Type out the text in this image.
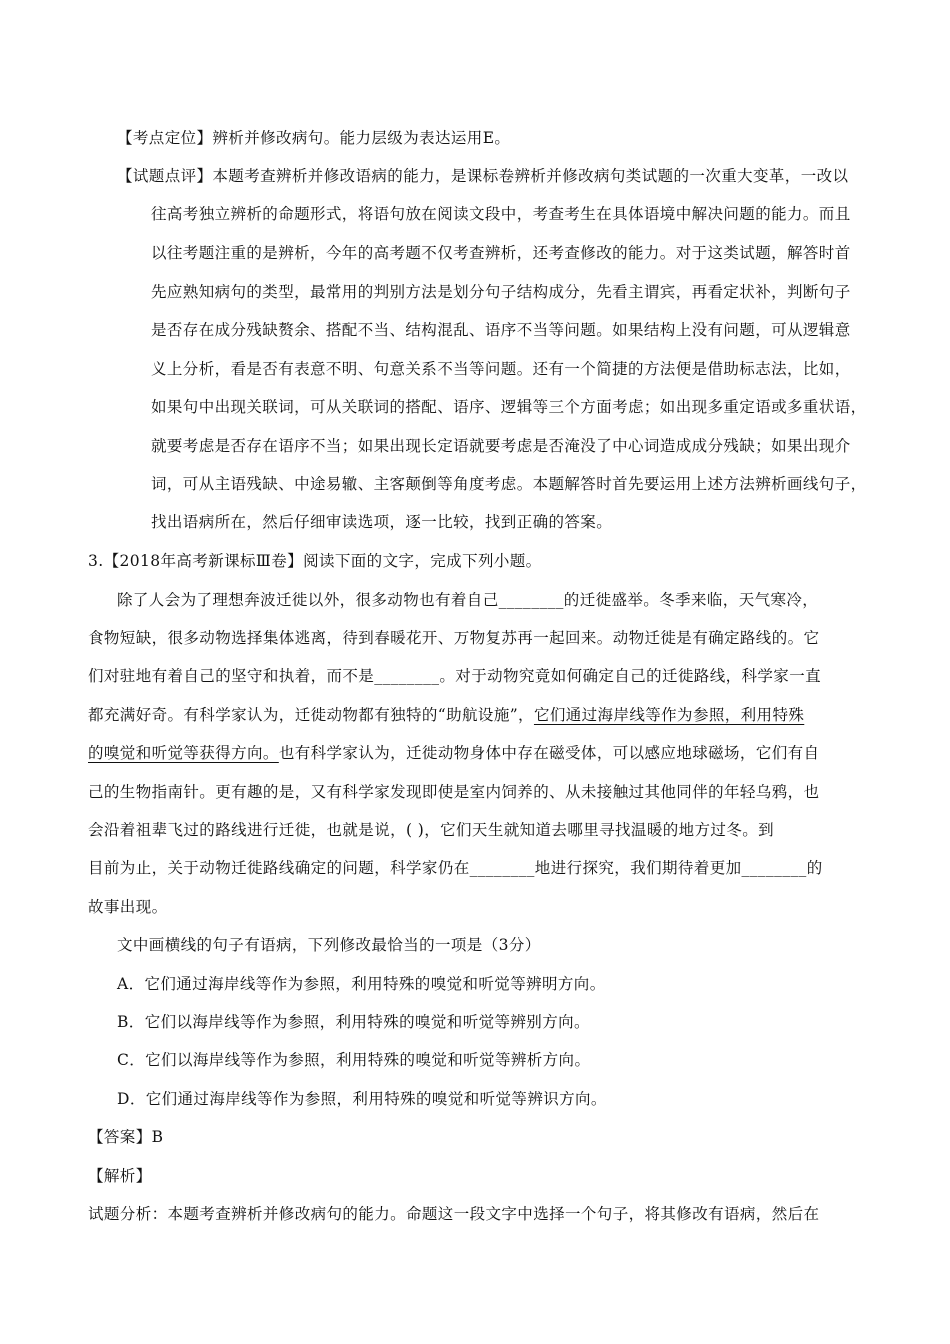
【考点定位】辨析并修改病句。能力层级为表达运用E。
【试题点评】本题考查辨析并修改语病的能力，是课标卷辨析并修改病句类试题的一次重大变革，一改以
往高考独立辨析的命题形式，将语句放在阅读文段中，考查考生在具体语境中解决问题的能力。而且
以往考题注重的是辨析，今年的高考题不仅考查辨析，还考查修改的能力。对于这类试题，解答时首
先应熟知病句的类型，最常用的判别方法是划分句子结构成分，先看主谓宾，再看定状补，判断句子
是否存在成分残缺赘余、搭配不当、结构混乱、语序不当等问题。如果结构上没有问题，可从逻辑意
义上分析，看是否有表意不明、句意关系不当等问题。还有一个简捷的方法便是借助标志法，比如，
如果句中出现关联词，可从关联词的搭配、语序、逻辑等三个方面考虑；如出现多重定语或多重状语，
就要考虑是否存在语序不当；如果出现长定语就要考虑是否淹没了中心词造成成分残缺；如果出现介
词，可从主语残缺、中途易辙、主客颠倒等角度考虑。本题解答时首先要运用上述方法辨析画线句子，
找出语病所在，然后仔细审读选项，逐一比较，找到正确的答案。
3.【2018年高考新课标Ⅲ卷】阅读下面的文字，完成下列小题。
除了人会为了理想奔波迁徙以外，很多动物也有着自己________的迁徙盛举。冬季来临，天气寒冷，
食物短缺，很多动物选择集体逃离，待到春暖花开、万物复苏再一起回来。动物迁徙是有确定路线的。它
们对驻地有着自己的坚守和执着，而不是________。对于动物究竟如何确定自己的迁徙路线，科学家一直
都充满好奇。有科学家认为，迁徙动物都有独特的“助航设施”，它们通过海岸线等作为参照，利用特殊
的嗅觉和听觉等获得方向。也有科学家认为，迁徙动物身体中存在磁受体，可以感应地球磁场，它们有自
己的生物指南针。更有趣的是，又有科学家发现即使是室内饲养的、从未接触过其他同伴的年轻乌鸦，也
会沿着祖辈飞过的路线进行迁徙，也就是说，( )，它们天生就知道去哪里寻找温暖的地方过冬。到
目前为止，关于动物迁徙路线确定的问题，科学家仍在________地进行探究，我们期待着更加________的
故事出现。
文中画横线的句子有语病，下列修改最恰当的一项是（3分）
A．它们通过海岸线等作为参照，利用特殊的嗅觉和听觉等辨明方向。
B．它们以海岸线等作为参照，利用特殊的嗅觉和听觉等辨别方向。
C．它们以海岸线等作为参照，利用特殊的嗅觉和听觉等辨析方向。
D．它们通过海岸线等作为参照，利用特殊的嗅觉和听觉等辨识方向。
【答案】B
【解析】
试题分析：本题考查辨析并修改病句的能力。命题这一段文字中选择一个句子，将其修改有语病，然后在
